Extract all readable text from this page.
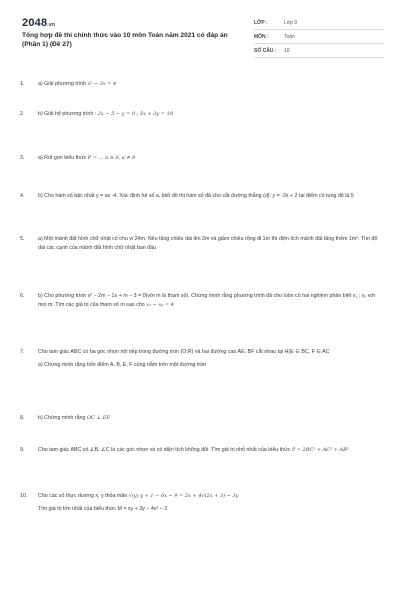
2048.vn
Tổng hợp đề thi chính thức vào 10 môn Toán năm 2021 có đáp án (Phần 1) (Đề 27)
LỚP :	Lớp 9
MÔN :	Toán
SỐ CÂU :	10
1.	a) Giải phương trình x² − 3x = 4
2.	b) Giải hệ phương trình : 2x − 5 − y = 0 ; 5x + 3y = 18
3.	a) Rút gọn biểu thức P = … a ≥ 0, a ≠ 9
4.	b) Cho hàm số bậc nhất y = ax -4. Xác định hệ số a, biết đồ thị hàm số đã cho cắt đường thẳng (d): y = -3x + 2 tại điểm có tung độ là 5
5.	a) Một mảnh đất hình chữ nhật có chu vi 24m. Nếu tăng chiều dài lên 2m và giảm chiều rộng đi 1m thì diện tích mảnh đất tăng thêm 1m². Tìm độ dài các cạnh của mảnh đất hình chữ nhật ban đầu
6.	b) Cho phương trình x² − 2m − 1x + m − 3 = 0(với m là tham số). Chứng minh rằng phương trình đã cho luôn có hai nghiệm phân biệt x₁ ; x₂ với mọi m. Tìm các giá trị của tham số m sao cho x₁ − x₂ = 4
7.	Cho tam giác ABC có ba góc nhọn nội tiếp trong đường tròn (O;R) và hai đường cao AE, BF cắt nhau tại H(E ∈ BC, F ∈ AC
a) Chứng minh rằng bốn điểm A, B, E, F cùng nằm trên một đường tròn
8.	b) Chứng minh rằng OC ⊥ EF
9.	Cho tam giác ABC có ∠B, ∠C là các góc nhọn và có diện tích không đổi. Tìm giá trị nhỏ nhất của biểu thức P = 2BC² + AC² + AB²
10.	Cho các số thực dương x, y thỏa mãn √(y) y + 1 − 6x − 9 = 2x + 4√(2x + 3) − 3y
Tìm giá trị lớn nhất của biểu thức M = xy + 3y − 4x² − 3
